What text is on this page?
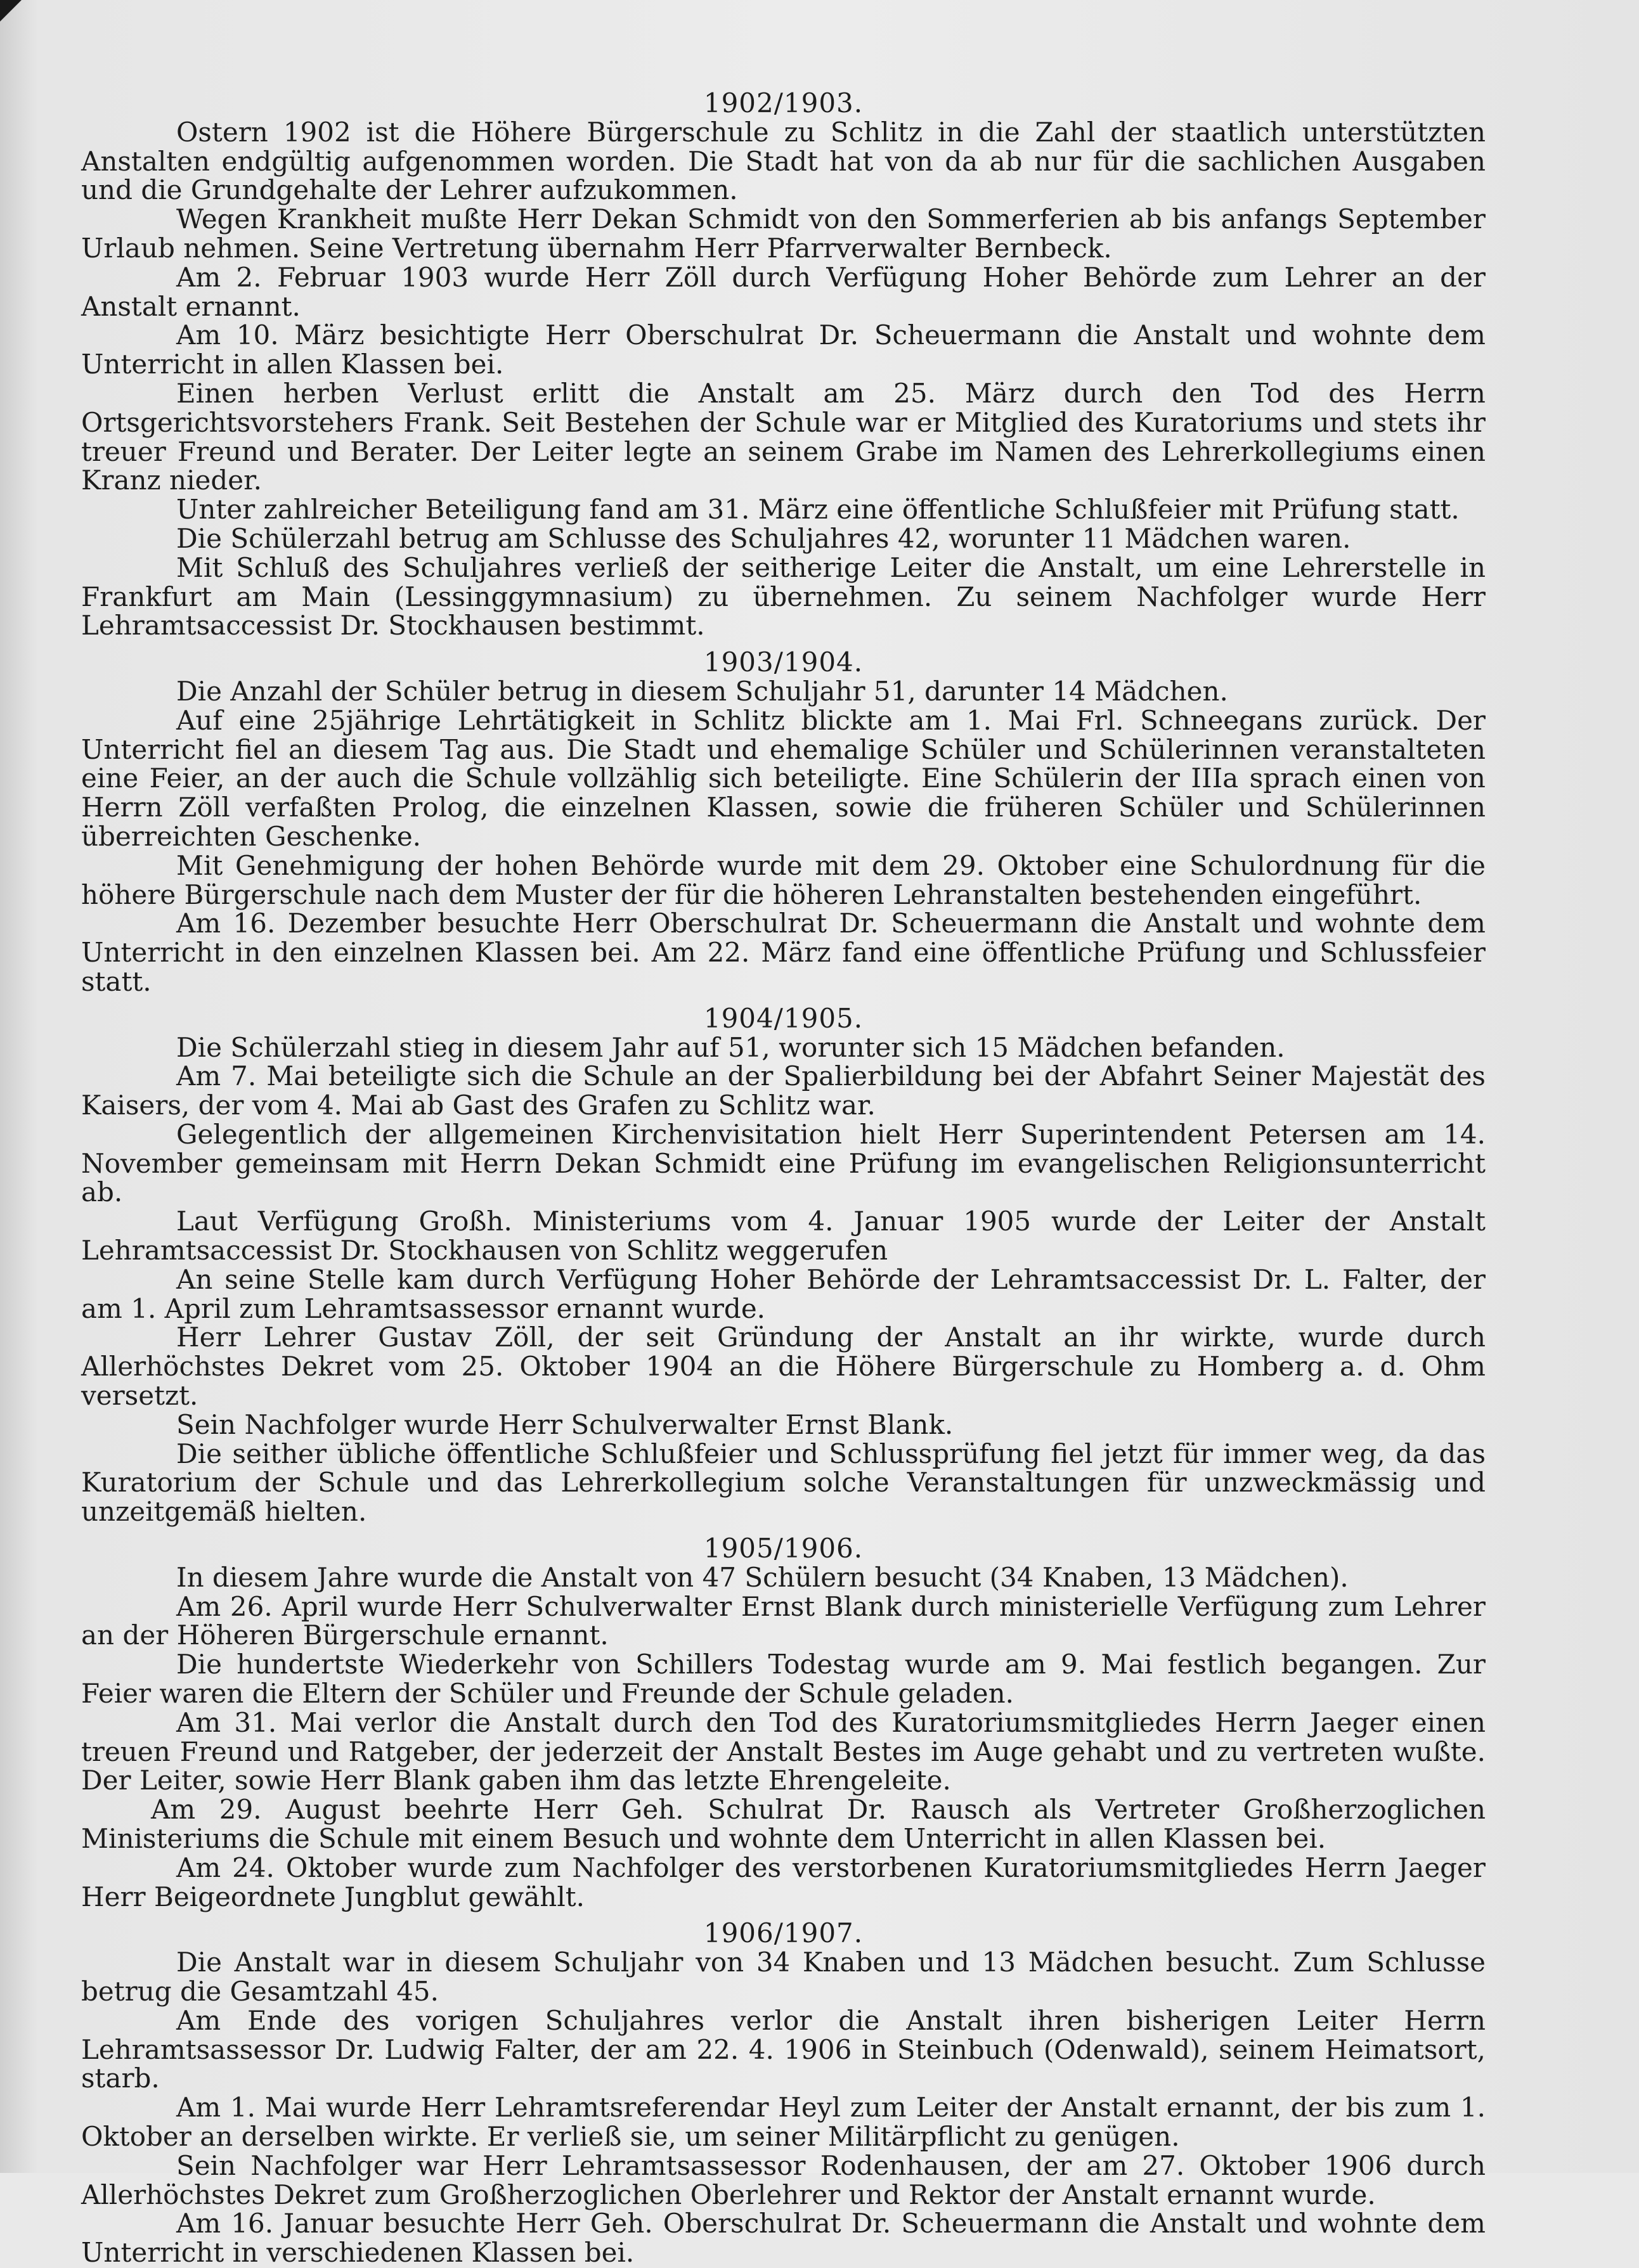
1902/1903.

Ostern 1902 ist die Höhere Bürgerschule zu Schlitz in die Zahl der staatlich unterstützten Anstalten endgültig aufgenommen worden. Die Stadt hat von da ab nur für die sachlichen Ausgaben und die Grundgehalte der Lehrer aufzukommen.

Wegen Krankheit mußte Herr Dekan Schmidt von den Sommerferien ab bis anfangs September Urlaub nehmen. Seine Vertretung übernahm Herr Pfarrverwalter Bernbeck.

Am 2. Februar 1903 wurde Herr Zöll durch Verfügung Hoher Behörde zum Lehrer an der Anstalt ernannt.

Am 10. März besichtigte Herr Oberschulrat Dr. Scheuermann die Anstalt und wohnte dem Unterricht in allen Klassen bei.

Einen herben Verlust erlitt die Anstalt am 25. März durch den Tod des Herrn Ortsgerichtsvorstehers Frank. Seit Bestehen der Schule war er Mitglied des Kuratoriums und stets ihr treuer Freund und Berater. Der Leiter legte an seinem Grabe im Namen des Lehrerkollegiums einen Kranz nieder.

Unter zahlreicher Beteiligung fand am 31. März eine öffentliche Schlußfeier mit Prüfung statt.

Die Schülerzahl betrug am Schlusse des Schuljahres 42, worunter 11 Mädchen waren.

Mit Schluß des Schuljahres verließ der seitherige Leiter die Anstalt, um eine Lehrerstelle in Frankfurt am Main (Lessinggymnasium) zu übernehmen. Zu seinem Nachfolger wurde Herr Lehramtsaccessist Dr. Stockhausen bestimmt.

1903/1904.

Die Anzahl der Schüler betrug in diesem Schuljahr 51, darunter 14 Mädchen.

Auf eine 25jährige Lehrtätigkeit in Schlitz blickte am 1. Mai Frl. Schneegans zurück. Der Unterricht fiel an diesem Tag aus. Die Stadt und ehemalige Schüler und Schülerinnen veranstalteten eine Feier, an der auch die Schule vollzählig sich beteiligte. Eine Schülerin der IIIa sprach einen von Herrn Zöll verfaßten Prolog, die einzelnen Klassen, sowie die früheren Schüler und Schülerinnen überreichten Geschenke.

Mit Genehmigung der hohen Behörde wurde mit dem 29. Oktober eine Schulordnung für die höhere Bürgerschule nach dem Muster der für die höheren Lehranstalten bestehenden eingeführt.

Am 16. Dezember besuchte Herr Oberschulrat Dr. Scheuermann die Anstalt und wohnte dem Unterricht in den einzelnen Klassen bei. Am 22. März fand eine öffentliche Prüfung und Schlussfeier statt.

1904/1905.

Die Schülerzahl stieg in diesem Jahr auf 51, worunter sich 15 Mädchen befanden.

Am 7. Mai beteiligte sich die Schule an der Spalierbildung bei der Abfahrt Seiner Majestät des Kaisers, der vom 4. Mai ab Gast des Grafen zu Schlitz war.

Gelegentlich der allgemeinen Kirchenvisitation hielt Herr Superintendent Petersen am 14. November gemeinsam mit Herrn Dekan Schmidt eine Prüfung im evangelischen Religionsunterricht ab.

Laut Verfügung Großh. Ministeriums vom 4. Januar 1905 wurde der Leiter der Anstalt Lehramtsaccessist Dr. Stockhausen von Schlitz weggerufen

An seine Stelle kam durch Verfügung Hoher Behörde der Lehramtsaccessist Dr. L. Falter, der am 1. April zum Lehramtsassessor ernannt wurde.

Herr Lehrer Gustav Zöll, der seit Gründung der Anstalt an ihr wirkte, wurde durch Allerhöchstes Dekret vom 25. Oktober 1904 an die Höhere Bürgerschule zu Homberg a. d. Ohm versetzt.

Sein Nachfolger wurde Herr Schulverwalter Ernst Blank.

Die seither übliche öffentliche Schlußfeier und Schlussprüfung fiel jetzt für immer weg, da das Kuratorium der Schule und das Lehrerkollegium solche Veranstaltungen für unzweckmässig und unzeitgemäß hielten.

1905/1906.

In diesem Jahre wurde die Anstalt von 47 Schülern besucht (34 Knaben, 13 Mädchen).

Am 26. April wurde Herr Schulverwalter Ernst Blank durch ministerielle Verfügung zum Lehrer an der Höheren Bürgerschule ernannt.

Die hundertste Wiederkehr von Schillers Todestag wurde am 9. Mai festlich begangen. Zur Feier waren die Eltern der Schüler und Freunde der Schule geladen.

Am 31. Mai verlor die Anstalt durch den Tod des Kuratoriumsmitgliedes Herrn Jaeger einen treuen Freund und Ratgeber, der jederzeit der Anstalt Bestes im Auge gehabt und zu vertreten wußte. Der Leiter, sowie Herr Blank gaben ihm das letzte Ehrengeleite.

Am 29. August beehrte Herr Geh. Schulrat Dr. Rausch als Vertreter Großherzoglichen Ministeriums die Schule mit einem Besuch und wohnte dem Unterricht in allen Klassen bei.

Am 24. Oktober wurde zum Nachfolger des verstorbenen Kuratoriumsmitgliedes Herrn Jaeger Herr Beigeordnete Jungblut gewählt.

1906/1907.

Die Anstalt war in diesem Schuljahr von 34 Knaben und 13 Mädchen besucht. Zum Schlusse betrug die Gesamtzahl 45.

Am Ende des vorigen Schuljahres verlor die Anstalt ihren bisherigen Leiter Herrn Lehramtsassessor Dr. Ludwig Falter, der am 22. 4. 1906 in Steinbuch (Odenwald), seinem Heimatsort, starb.

Am 1. Mai wurde Herr Lehramtsreferendar Heyl zum Leiter der Anstalt ernannt, der bis zum 1. Oktober an derselben wirkte. Er verließ sie, um seiner Militärpflicht zu genügen.

Sein Nachfolger war Herr Lehramtsassessor Rodenhausen, der am 27. Oktober 1906 durch Allerhöchstes Dekret zum Großherzoglichen Oberlehrer und Rektor der Anstalt ernannt wurde.

Am 16. Januar besuchte Herr Geh. Oberschulrat Dr. Scheuermann die Anstalt und wohnte dem Unterricht in verschiedenen Klassen bei.
